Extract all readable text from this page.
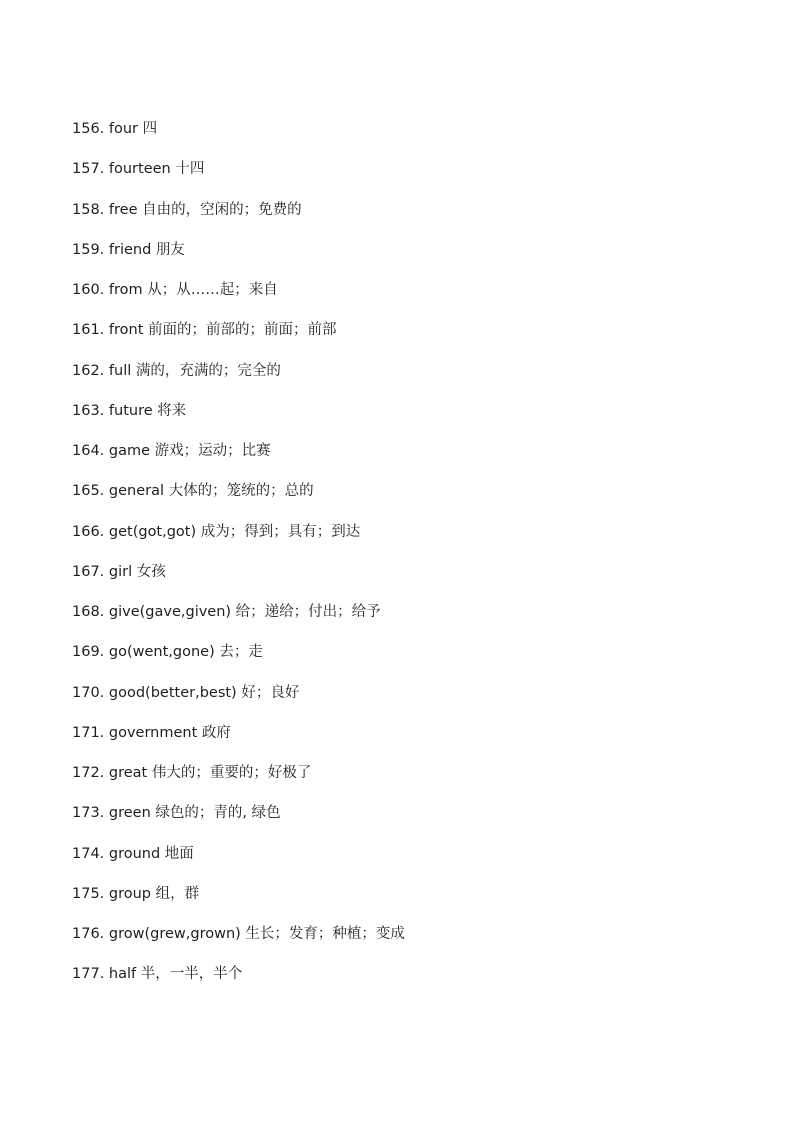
156. four 四
157. fourteen 十四
158. free 自由的，空闲的；免费的
159. friend 朋友
160. from 从；从……起；来自
161. front 前面的；前部的；前面；前部
162. full 满的，充满的；完全的
163. future 将来
164. game 游戏；运动；比赛
165. general 大体的；笼统的；总的
166. get(got,got) 成为；得到；具有；到达
167. girl 女孩
168. give(gave,given) 给；递给；付出；给予
169. go(went,gone) 去；走
170. good(better,best) 好；良好
171. government 政府
172. great 伟大的；重要的；好极了
173. green 绿色的；青的, 绿色
174. ground 地面
175. group 组，群
176. grow(grew,grown) 生长；发育；种植；变成
177. half 半，一半，半个
